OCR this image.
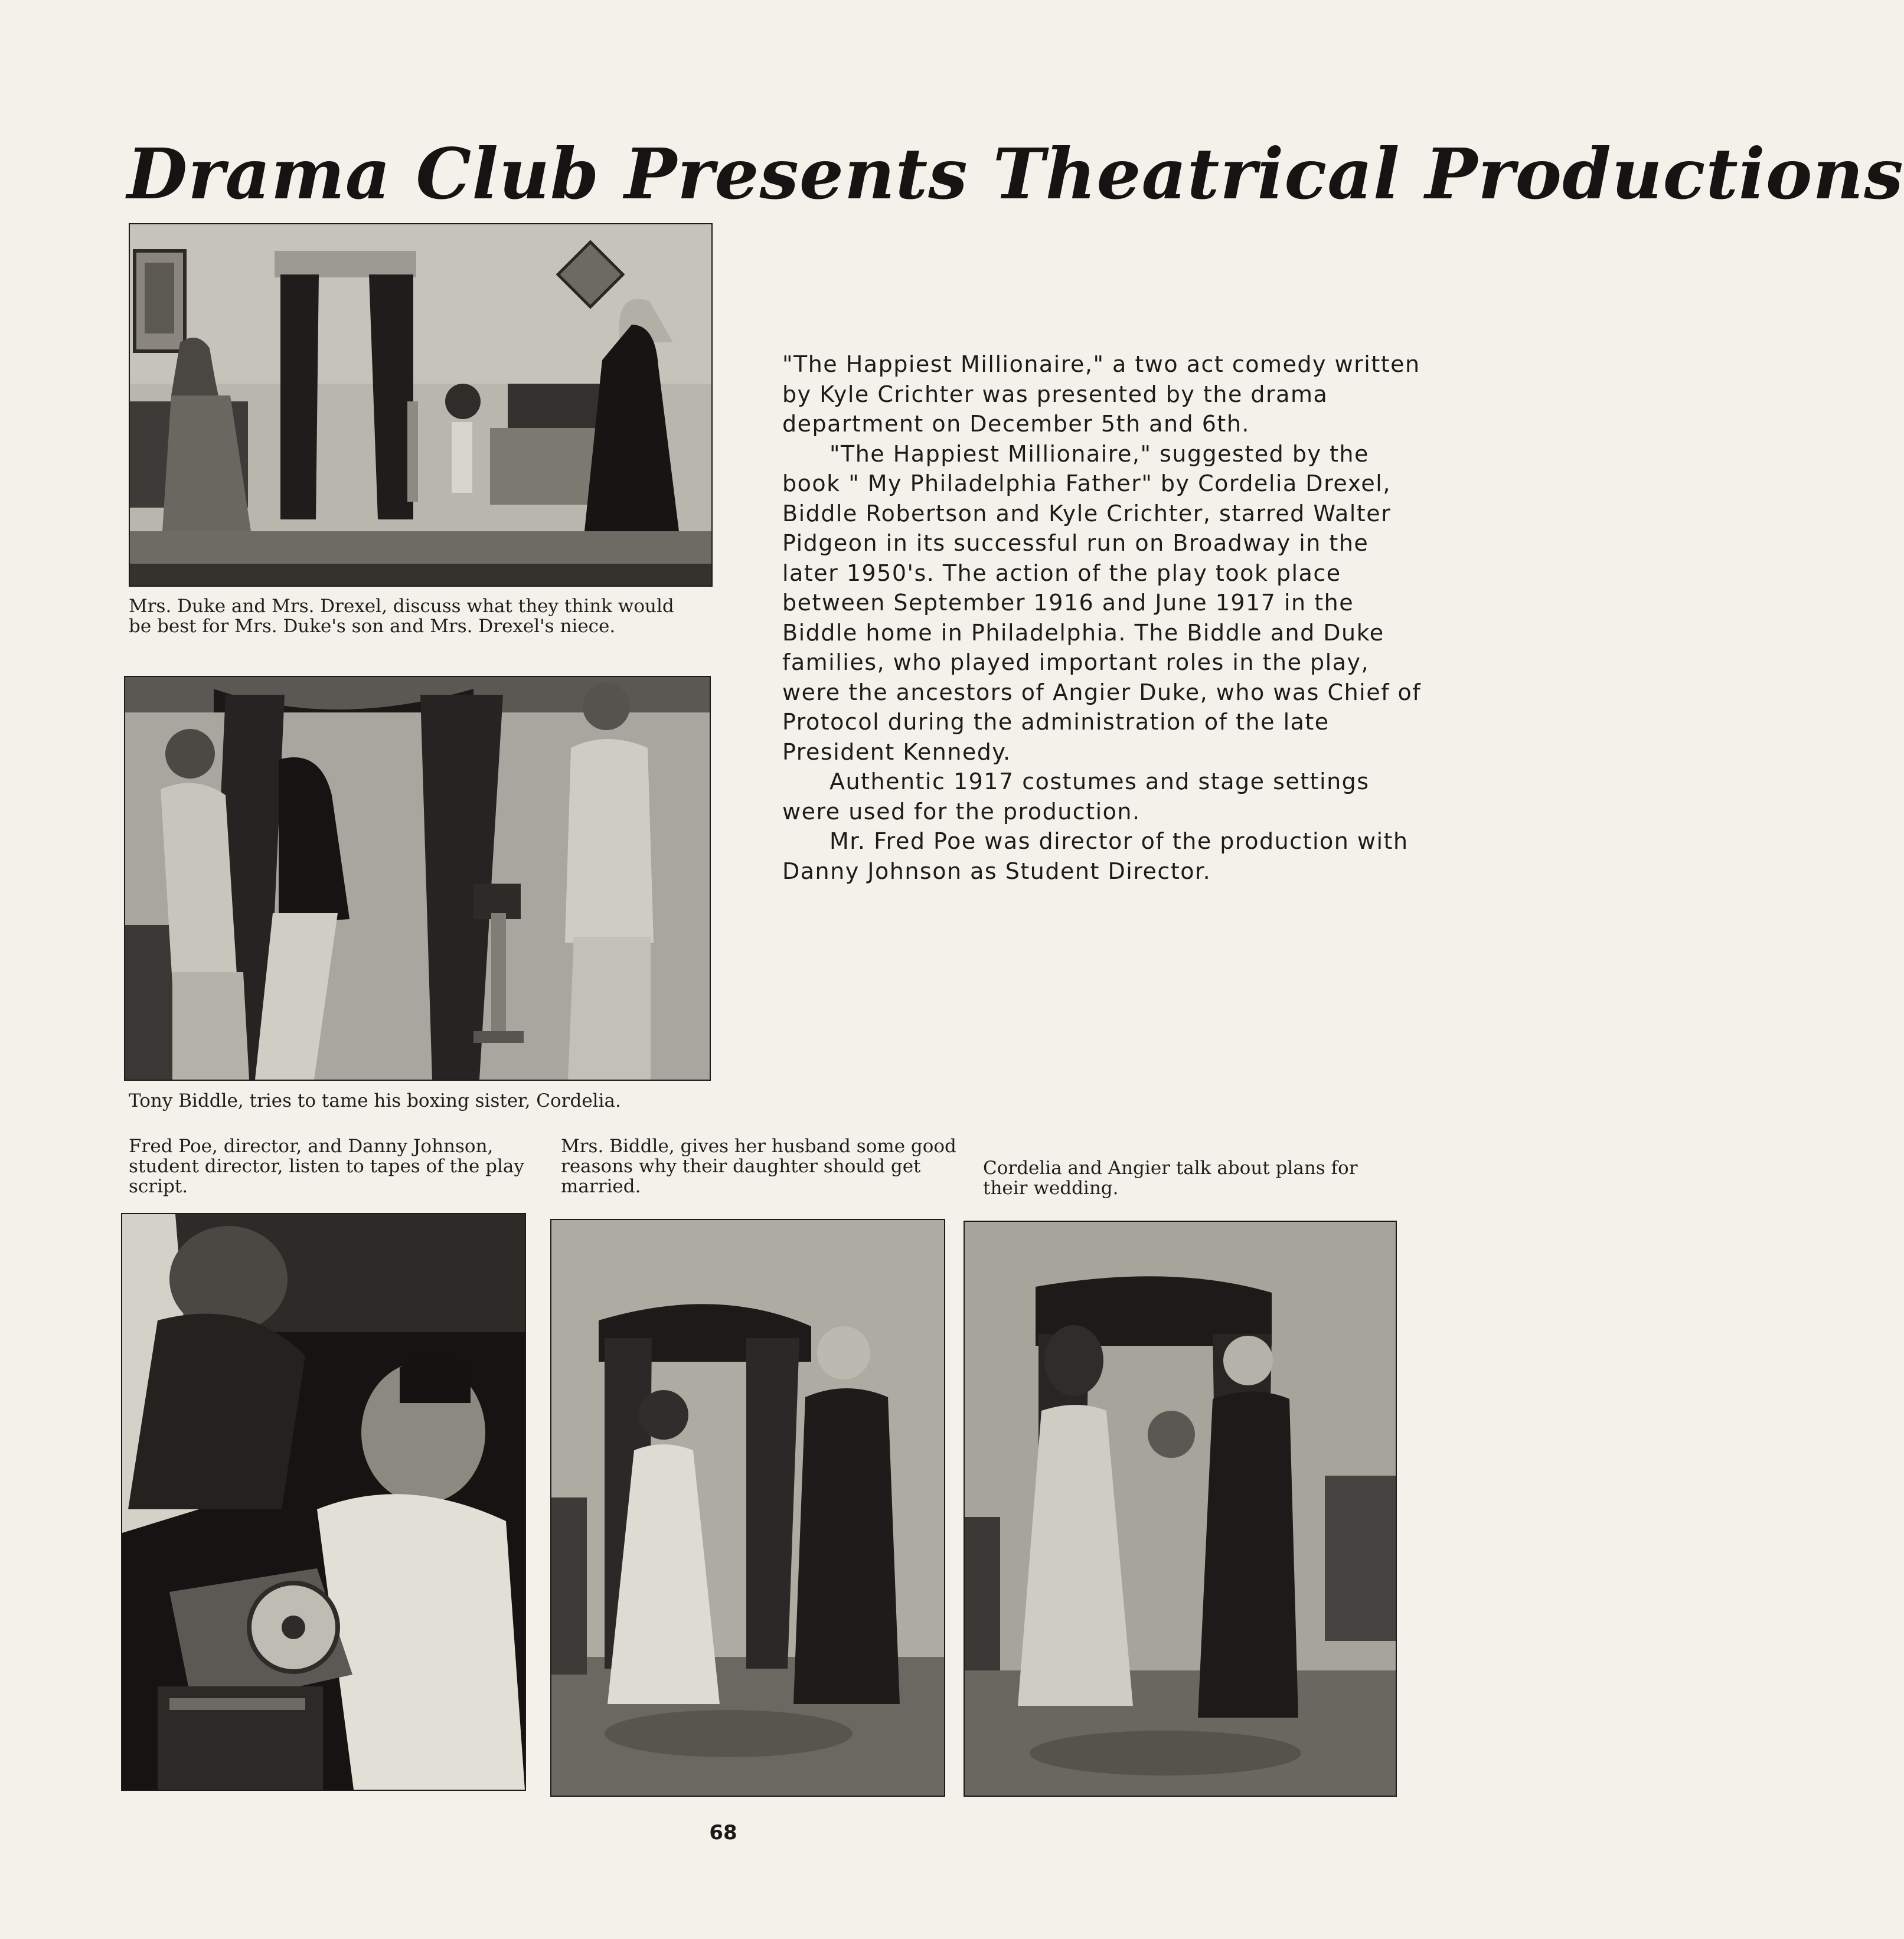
Drama Club Presents Theatrical Productions
Mrs. Duke and Mrs. Drexel, discuss what they think would be best for Mrs. Duke's son and Mrs. Drexel's niece.
Tony Biddle, tries to tame his boxing sister, Cordelia.
Fred Poe, director, and Danny Johnson, student director, listen to tapes of the play script.
Mrs. Biddle, gives her husband some good reasons why their daughter should get married.
Cordelia and Angier talk about plans for their wedding.

"The Happiest Millionaire," a two act comedy written by Kyle Crichter was presented by the drama department on December 5th and 6th.

"The Happiest Millionaire," suggested by the book " My Philadelphia Father" by Cordelia Drexel, Biddle Robertson and Kyle Crichter, starred Walter Pidgeon in its successful run on Broadway in the later 1950's. The action of the play took place between September 1916 and June 1917 in the Biddle home in Philadelphia. The Biddle and Duke families, who played important roles in the play, were the ancestors of Angier Duke, who was Chief of Protocol during the administration of the late President Kennedy.

Authentic 1917 costumes and stage settings were used for the production.

Mr. Fred Poe was director of the production with Danny Johnson as Student Director.

68
